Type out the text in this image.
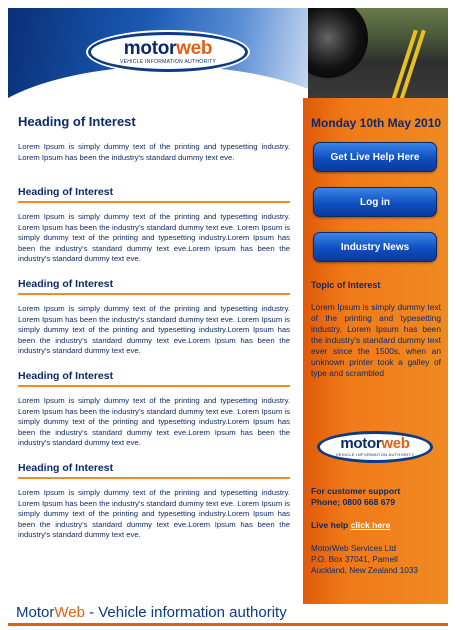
motorweb
VEHICLE INFORMATION AUTHORITY
Heading of Interest
Lorem Ipsum is simply dummy text of the printing and typesetting industry. Lorem Ipsum has been the industry's standard dummy text eve.
Heading of Interest
Lorem Ipsum is simply dummy text of the printing and typesetting industry. Lorem Ipsum has been the industry's standard dummy text eve. Lorem Ipsum is simply dummy text of the printing and typesetting industry.Lorem Ipsum has been the industry's standard dummy text eve.Lorem Ipsum has been the industry's standard dummy text eve.
Heading of Interest
Lorem Ipsum is simply dummy text of the printing and typesetting industry. Lorem Ipsum has been the industry's standard dummy text eve. Lorem Ipsum is simply dummy text of the printing and typesetting industry.Lorem Ipsum has been the industry's standard dummy text eve.Lorem Ipsum has been the industry's standard dummy text eve.
Heading of Interest
Lorem Ipsum is simply dummy text of the printing and typesetting industry. Lorem Ipsum has been the industry's standard dummy text eve. Lorem Ipsum is simply dummy text of the printing and typesetting industry.Lorem Ipsum has been the industry's standard dummy text eve.Lorem Ipsum has been the industry's standard dummy text eve.
Heading of Interest
Lorem Ipsum is simply dummy text of the printing and typesetting industry. Lorem Ipsum has been the industry's standard dummy text eve. Lorem Ipsum is simply dummy text of the printing and typesetting industry.Lorem Ipsum has been the industry's standard dummy text eve.Lorem Ipsum has been the industry's standard dummy text eve.
Monday 10th May 2010
Get Live Help Here
Log in
Industry News
Topic of Interest
Lorem Ipsum is simply dummy text of the printing and typesetting industry. Lorem Ipsum has been the industry's standard dummy text ever since the 1500s, when an unknown printer took a galley of type and scrambled
motorweb
VEHICLE INFORMATION AUTHORITY
For customer support
Phone; 0800 668 679
Live help click here
MotorWeb Services Ltd
P.O. Box 37041, Parnell
Auckland, New Zealand 1033
MotorWeb - Vehicle information authority
